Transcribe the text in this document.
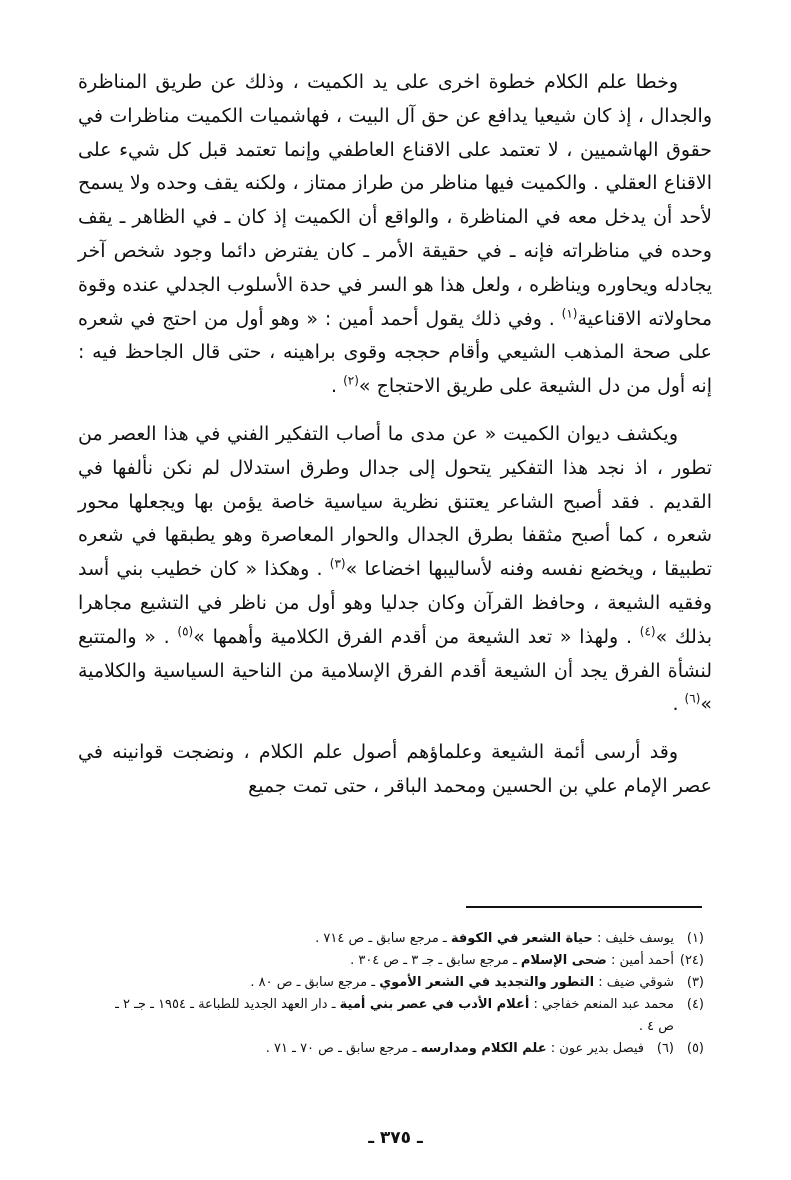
وخطا علم الكلام خطوة اخرى على يد الكميت ، وذلك عن طريق المناظرة والجدال ، إذ كان شيعيا يدافع عن حق آل البيت ، فهاشميات الكميت مناظرات في حقوق الهاشميين ، لا تعتمد على الاقناع العاطفي وإنما تعتمد قبل كل شيء على الاقناع العقلي . والكميت فيها مناظر من طراز ممتاز ، ولكنه يقف وحده ولا يسمح لأحد أن يدخل معه في المناظرة ، والواقع أن الكميت إذ كان ـ في الظاهر ـ يقف وحده في مناظراته فإنه ـ في حقيقة الأمر ـ كان يفترض دائما وجود شخص آخر يجادله ويحاوره ويناظره ، ولعل هذا هو السر في حدة الأسلوب الجدلي عنده وقوة محاولاته الاقناعية$^{(١)}$ . وفي ذلك يقول أحمد أمين : « وهو أول من احتج في شعره على صحة المذهب الشيعي وأقام حججه وقوى براهينه ، حتى قال الجاحظ فيه : إنه أول من دل الشيعة على طريق الاحتجاج »$^{(٢)}$ .

ويكشف ديوان الكميت « عن مدى ما أصاب التفكير الفني في هذا العصر من تطور ، اذ نجد هذا التفكير يتحول إلى جدال وطرق استدلال لم نكن نألفها في القديم . فقد أصبح الشاعر يعتنق نظرية سياسية خاصة يؤمن بها ويجعلها محور شعره ، كما أصبح مثقفا بطرق الجدال والحوار المعاصرة وهو يطبقها في شعره تطبيقا ، ويخضع نفسه وفنه لأساليبها اخضاعا »$^{(٣)}$ . وهكذا « كان خطيب بني أسد وفقيه الشيعة ، وحافظ القرآن وكان جدليا وهو أول من ناظر في التشيع مجاهرا بذلك »$^{(٤)}$ . ولهذا « تعد الشيعة من أقدم الفرق الكلامية وأهمها »$^{(٥)}$ . « والمتتبع لنشأة الفرق يجد أن الشيعة أقدم الفرق الإسلامية من الناحية السياسية والكلامية »$^{(٦)}$ .

وقد أرسى أئمة الشيعة وعلماؤهم أصول علم الكلام ، ونضجت قوانينه في عصر الإمام علي بن الحسين ومحمد الباقر ، حتى تمت جميع

(١)
يوسف خليف : حياة الشعر في الكوفة ـ مرجع سابق ـ ص ٧١٤ .
(٢٤)
أحمد أمين : ضحى الإسلام ـ مرجع سابق ـ جـ ٣ ـ ص ٣٠٤ .
(٣)
شوقي ضيف : التطور والتجديد في الشعر الأموي ـ مرجع سابق ـ ص ٨٠ .
(٤)
محمد عبد المنعم خفاجي : أعلام الأدب في عصر بني أمية ـ دار العهد الجديد للطباعة ـ ١٩٥٤ ـ جـ ٢ ـ ص ٤ .
(٥)
(٦)
فيصل بدير عون : علم الكلام ومدارسه ـ مرجع سابق ـ ص ٧٠ ـ ٧١ .
ـ ٣٧٥ ـ
